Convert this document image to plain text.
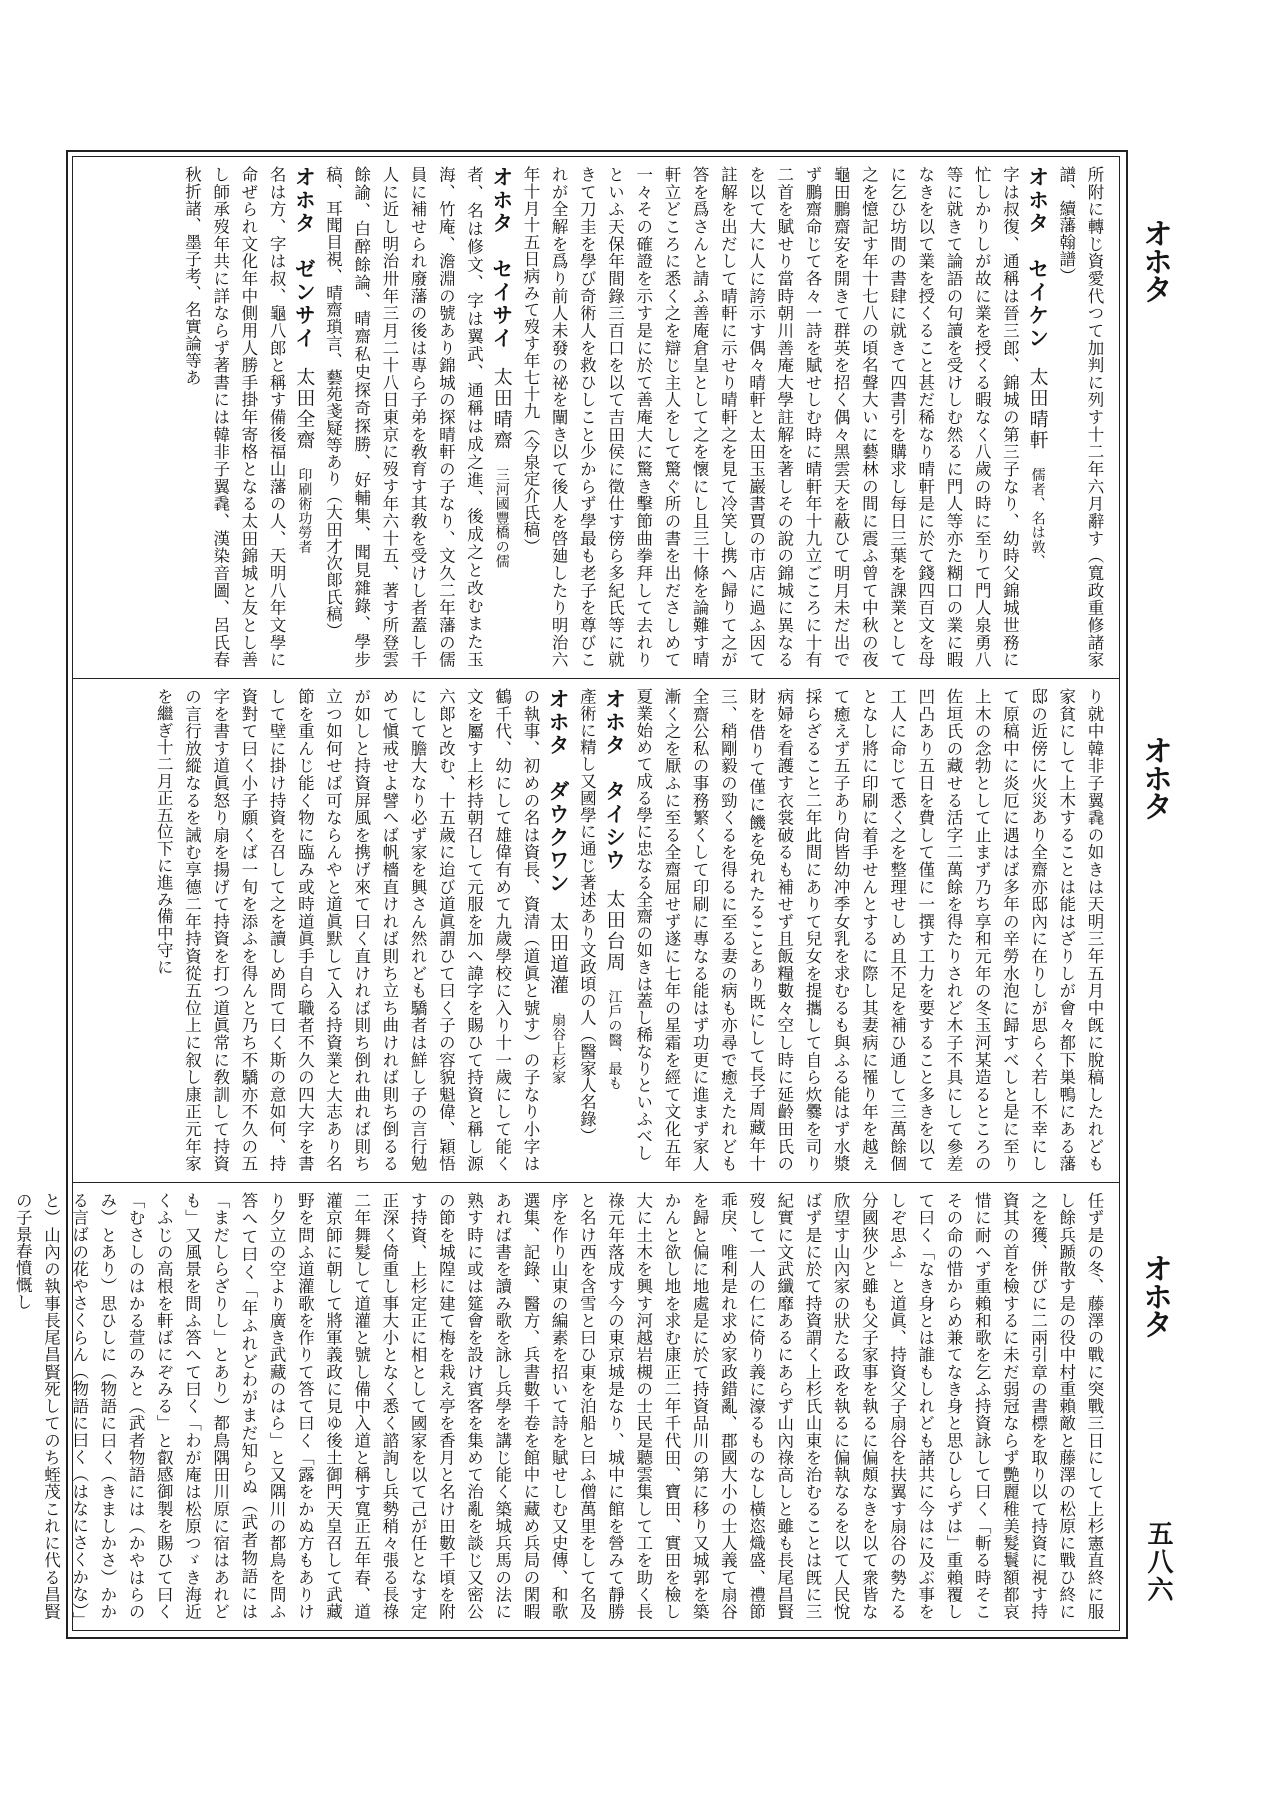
オホタ
オホタ
オホタ
五八六
所附に轉じ資愛代つて加判に列す十二年六月辭す（寬政重修諸家譜、續藩翰譜）
オホタ　セイケン　太田晴軒　儒者、名は敦、
字は叔復、通稱は晉三郎、錦城の第三子なり、幼時父錦城世務に忙しかりしが故に業を授くる暇なく八歲の時に至りて門人泉勇八等に就きて論語の句讀を受けしむ然るに門人等亦た糊口の業に暇なきを以て業を授くること甚だ稀なり晴軒是に於て錢四百文を母に乞ひ坊間の書肆に就きて四書引を購求し每日三葉を課業として之を憶記す年十七八の頃名聲大いに藝林の間に震ふ曾て中秋の夜龜田鵬齋安を開きて群英を招く偶々黑雲天を蔽ひて明月未だ出でず鵬齋命じて各々一詩を賦せしむ時に晴軒年十九立ごころに十有二首を賦せり當時朝川善庵大學註解を著しその說の錦城に異なるを以て大に人に誇示す偶々晴軒と太田玉巖書賈の市店に過ふ因て註解を出だして晴軒に示せり晴軒之を見て冷笑し携へ歸りて之が答を爲さんと請ふ善庵倉皇として之を懷にし且三十條を論難す晴軒立どころに悉く之を辯じ主人をして驚ぐ所の書を出ださしめて一々その確證を示す是に於て善庵大に驚き擊節曲拳拜して去れりといふ天保年間錄三百口を以て吉田侯に徵仕す傍ら多紀氏等に就きて刀圭を學び奇術人を救ひしこと少からず學最も老子を尊びこれが全解を爲り前人未發の祕を闡き以て後人を啓廸したり明治六年十月十五日病みて歿す年七十九（今泉定介氏稿）
オホタ　セイサイ　太田晴齋　三河國豐橋の儒
者、名は修文、字は翼武、通稱は成之進、後成之と改むまた玉海、竹庵、澹淵の號あり錦城の探晴軒の子なり、文久二年藩の儒員に補せられ廢藩の後は專ら子弟を敎育す其敎を受けし者蓋し千人に近し明治卅年三月二十八日東京に歿す年六十五、著す所登雲餘諭、白醉餘論、晴齋私史探奇探勝、好輔集、聞見雜錄、學步稿、耳聞目視、晴齋瑣言、藝苑戔疑等あり（大田才次郞氏稿）
オホタ　ゼンサイ　太田全齋　印刷術功勞者
名は方、字は叔、龜八郎と稱す備後福山藩の人、天明八年文學に命ぜられ文化年中側用人勝手掛年寄格となる太田錦城と友とし善し師承歿年共に詳ならず著書には韓非子翼毳、漢染音圖、呂氏春秋折諸、墨子考、名實論等あ
り就中韓非子翼毳の如きは天明三年五月中旣に脫稿したれども家貧にして上木することは能はざりしが會々都下巣鴨にある藩邸の近傍に火災あり全齋亦邸內に在りしが思らく若し不幸にして原稿中に炎厄に遇はば多年の辛勞水泡に歸すべしと是に至り上木の念勃として止まず乃ち享和元年の冬玉河某造るところの佐垣氏の藏せる活字二萬餘を得たりされど木子不具にして參差凹凸あり五日を費して僅に一撰す工力を要すること多きを以て工人に命じて悉く之を整理せしめ且不足を補ひ通して三萬餘個となし將に印刷に着手せんとするに際し其妻病に罹り年を越えて癒えず五子あり尙皆幼冲季女乳を求むるも與ふる能はず水漿採らざること二年此間にありて兒女を提攜して自ら炊爨を司り病婦を看護す衣裳破るも補せず且飯糧數々空し時に延齡田氏の財を借りて僅に饑を免れたることあり既にして長子周藏年十三、稍剛毅の勁くるを得るに至る妻の病も亦尋で癒えたれども全齋公私の事務繁くして印刷に專なる能はず功更に進まず家人漸く之を厭ふに至る全齋屈せず遂に七年の星霜を經て文化五年夏業始めて成る學に忠なる全齋の如きは蓋し稀なりといふべし
オホタ　タイシウ　太田台周　江戶の醫、最も
產術に精し又國學に通じ著述あり文政頃の人（醫家人名錄）
オホタ　ダウクワン　太田道灌　扇谷上杉家
の執事、初めの名は資長、資清（道眞と號す）の子なり小字は鶴千代、幼にして雄偉有めて九歲學校に入り十一歲にして能く文を屬す上杉持朝召して元服を加へ諱字を賜ひて持資と稱し源六郞と改む、十五歲に迨び道眞謂ひて曰く子の容貌魁偉、穎悟にして膽大なり必ず家を興さん然れども驕者は鮮し子の言行勉めて愼戒せよ譬へば帆檣直ければ則ち立ち曲ければ則ち倒るるが如しと持資屏風を携げ來て曰く直ければ則ち倒れ曲れば則ち立つ如何せば可ならんやと道眞默して入る持資業と大志あり名節を重んじ能く物に臨み或時道眞手自ら職者不久の四大字を書して壁に掛け持資を召して之を讀しめ問て曰く斯の意如何、持資對て曰く小子願くば一旬を添ふを得んと乃ち不驕亦不久の五字を書す道眞怒り扇を揚げて持資を打つ道眞常に敎訓して持資の言行放縱なるを誡む享德二年持資從五位上に叙し康正元年家を繼ぎ十二月正五位下に進み備中守に
任ず是の冬、藤澤の戰に突戰三日にして上杉憲直終に服し餘兵踬散す是の役中村重賴敵と藤澤の松原に戰ひ終に之を獲、併びに二兩引章の書標を取り以て持資に視す持資其の首を檢するに未だ弱冠ならず艷麗稚美髮鬟額都哀惜に耐へず重賴和歌を乞ふ持資詠して曰く「斬る時そこその命の惜からめ兼てなき身と思ひしらずは」重賴覆して曰く「なき身とは誰もしれども諸共に今はに及ぶ事をしぞ思ふ」と道眞、持資父子扇谷を扶翼す扇谷の勢たる分國狹少と雖も父子家事を執るに偏頗なきを以て衆皆な欣望す山內家の狀たる政を執るに偏執なるを以て人民悅ばず是に於て持資謂く上杉氏山東を治むることは旣に三紀實に文武纖靡あるにあらず山內祿高しと雖も長尾昌賢歿して一人の仁に倚り義に濠るものなし橫恣熾盛、禮節乖戾、唯利是れ求め家政錯亂、郡國大小の士人義て扇谷を歸と偏に地處是に於て持資品川の第に移り又城郭を築かんと欲し地を求む康正二年千代田、寶田、實田を檢し大に土木を興す河越岩槻の士民是聽雲集して工を助く長祿元年落成す今の東京城是なり、城中に館を營みて靜勝と名け西を含雪と曰ひ東を泊船と曰ふ僧萬里をして名及序を作り山東の編素を招いて詩を賦せしむ又史傳、和歌選集、記錄、醫方、兵書數千卷を館中に藏め兵局の閑暇あれば書を讀み歌を詠し兵學を講じ能く築城兵馬の法に熟す時に或は筵會を設け賓客を集めて治亂を談じ又密公の節を城隍に建て梅を栽え亭を香月と名け田數千頃を附す持資、上杉定正に相として國家を以て己が任となす定正深く倚重し事大小となく悉く諮詢し兵勢稍々張る長祿二年舞髮して道灌と號し備中入道と稱す寬正五年春、道灌京師に朝して將軍義政に見ゆ後土御門天皇召して武藏野を問ふ道灌歌を作りて答て曰く「露をかぬ方もありけり夕立の空より廣き武藏のはら」と又隅川の都鳥を問ふ答へて曰く「年ふれどわがまだ知らぬ（武者物語には「まだしらざりし」とあり）都鳥隅田川原に宿はあれども」又風景を問ふ答へて曰く「わが庵は松原つゞき海近くふじの高根を軒ばにぞみる」と叡感御製を賜ひて曰く「むさしのはかる萱のみと（武者物語には（かやはらのみ）とあり）思ひしに（物語に曰く（きましかさ）かかる言ばの花やさくらん（物語に曰く（はなにさくかな）」と）山內の執事長尾昌賢死してのち蛭茂これに代る昌賢の子景春憤慨し
